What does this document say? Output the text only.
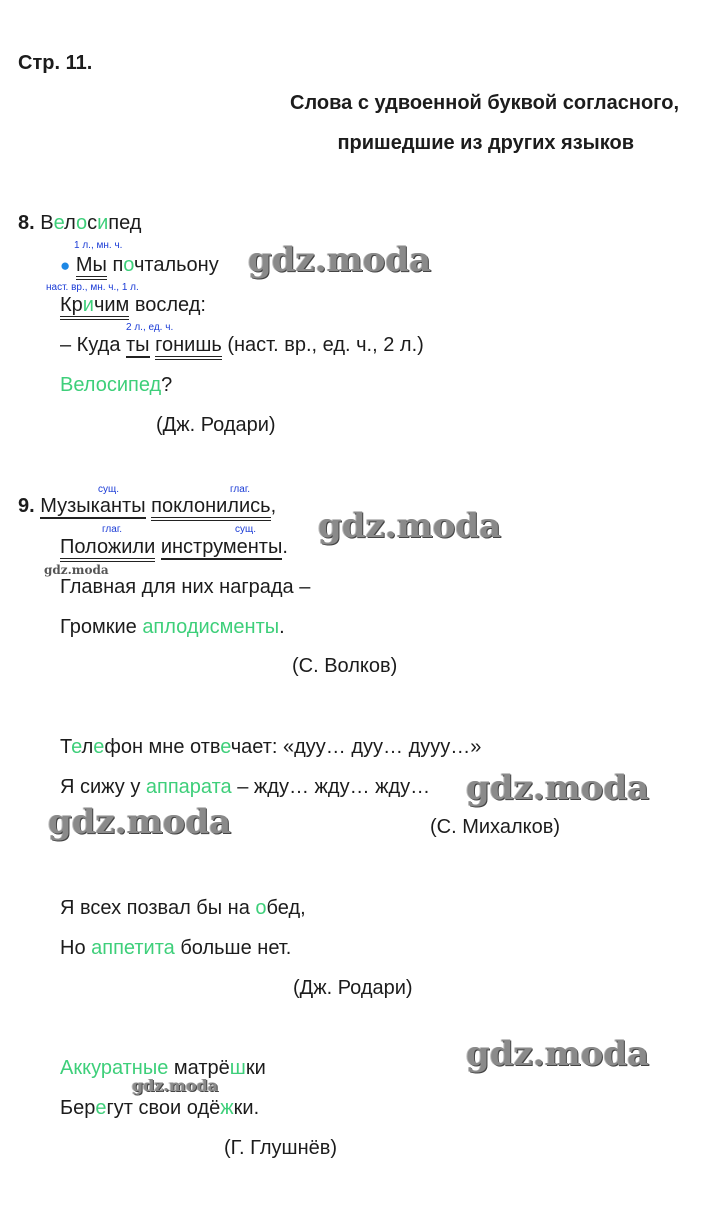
Стр. 11.
Слова с удвоенной буквой согласного,
пришедшие из других языков
8. Велосипед
1 л., мн. ч.
● Мы почтальону
наст. вр., мн. ч., 1 л.
Кричим вослед:
2 л., ед. ч.
– Куда ты гонишь (наст. вр., ед. ч., 2 л.)
Велосипед?
(Дж. Родари)
сущ.	глаг.
9. Музыканты поклонились,
глаг.	сущ.
Положили инструменты.
Главная для них награда –
Громкие аплодисменты.
(С. Волков)
Телефон мне отвечает: «дуу… дуу… дууу…»
Я сижу у аппарата – жду… жду… жду…
(С. Михалков)
Я всех позвал бы на обед,
Но аппетита больше нет.
(Дж. Родари)
Аккуратные матрёшки
Берегут свои одёжки.
(Г. Глушнёв)
gdz.moda
gdz.moda
gdz.moda
gdz.moda
gdz.moda
gdz.moda
gdz.moda
